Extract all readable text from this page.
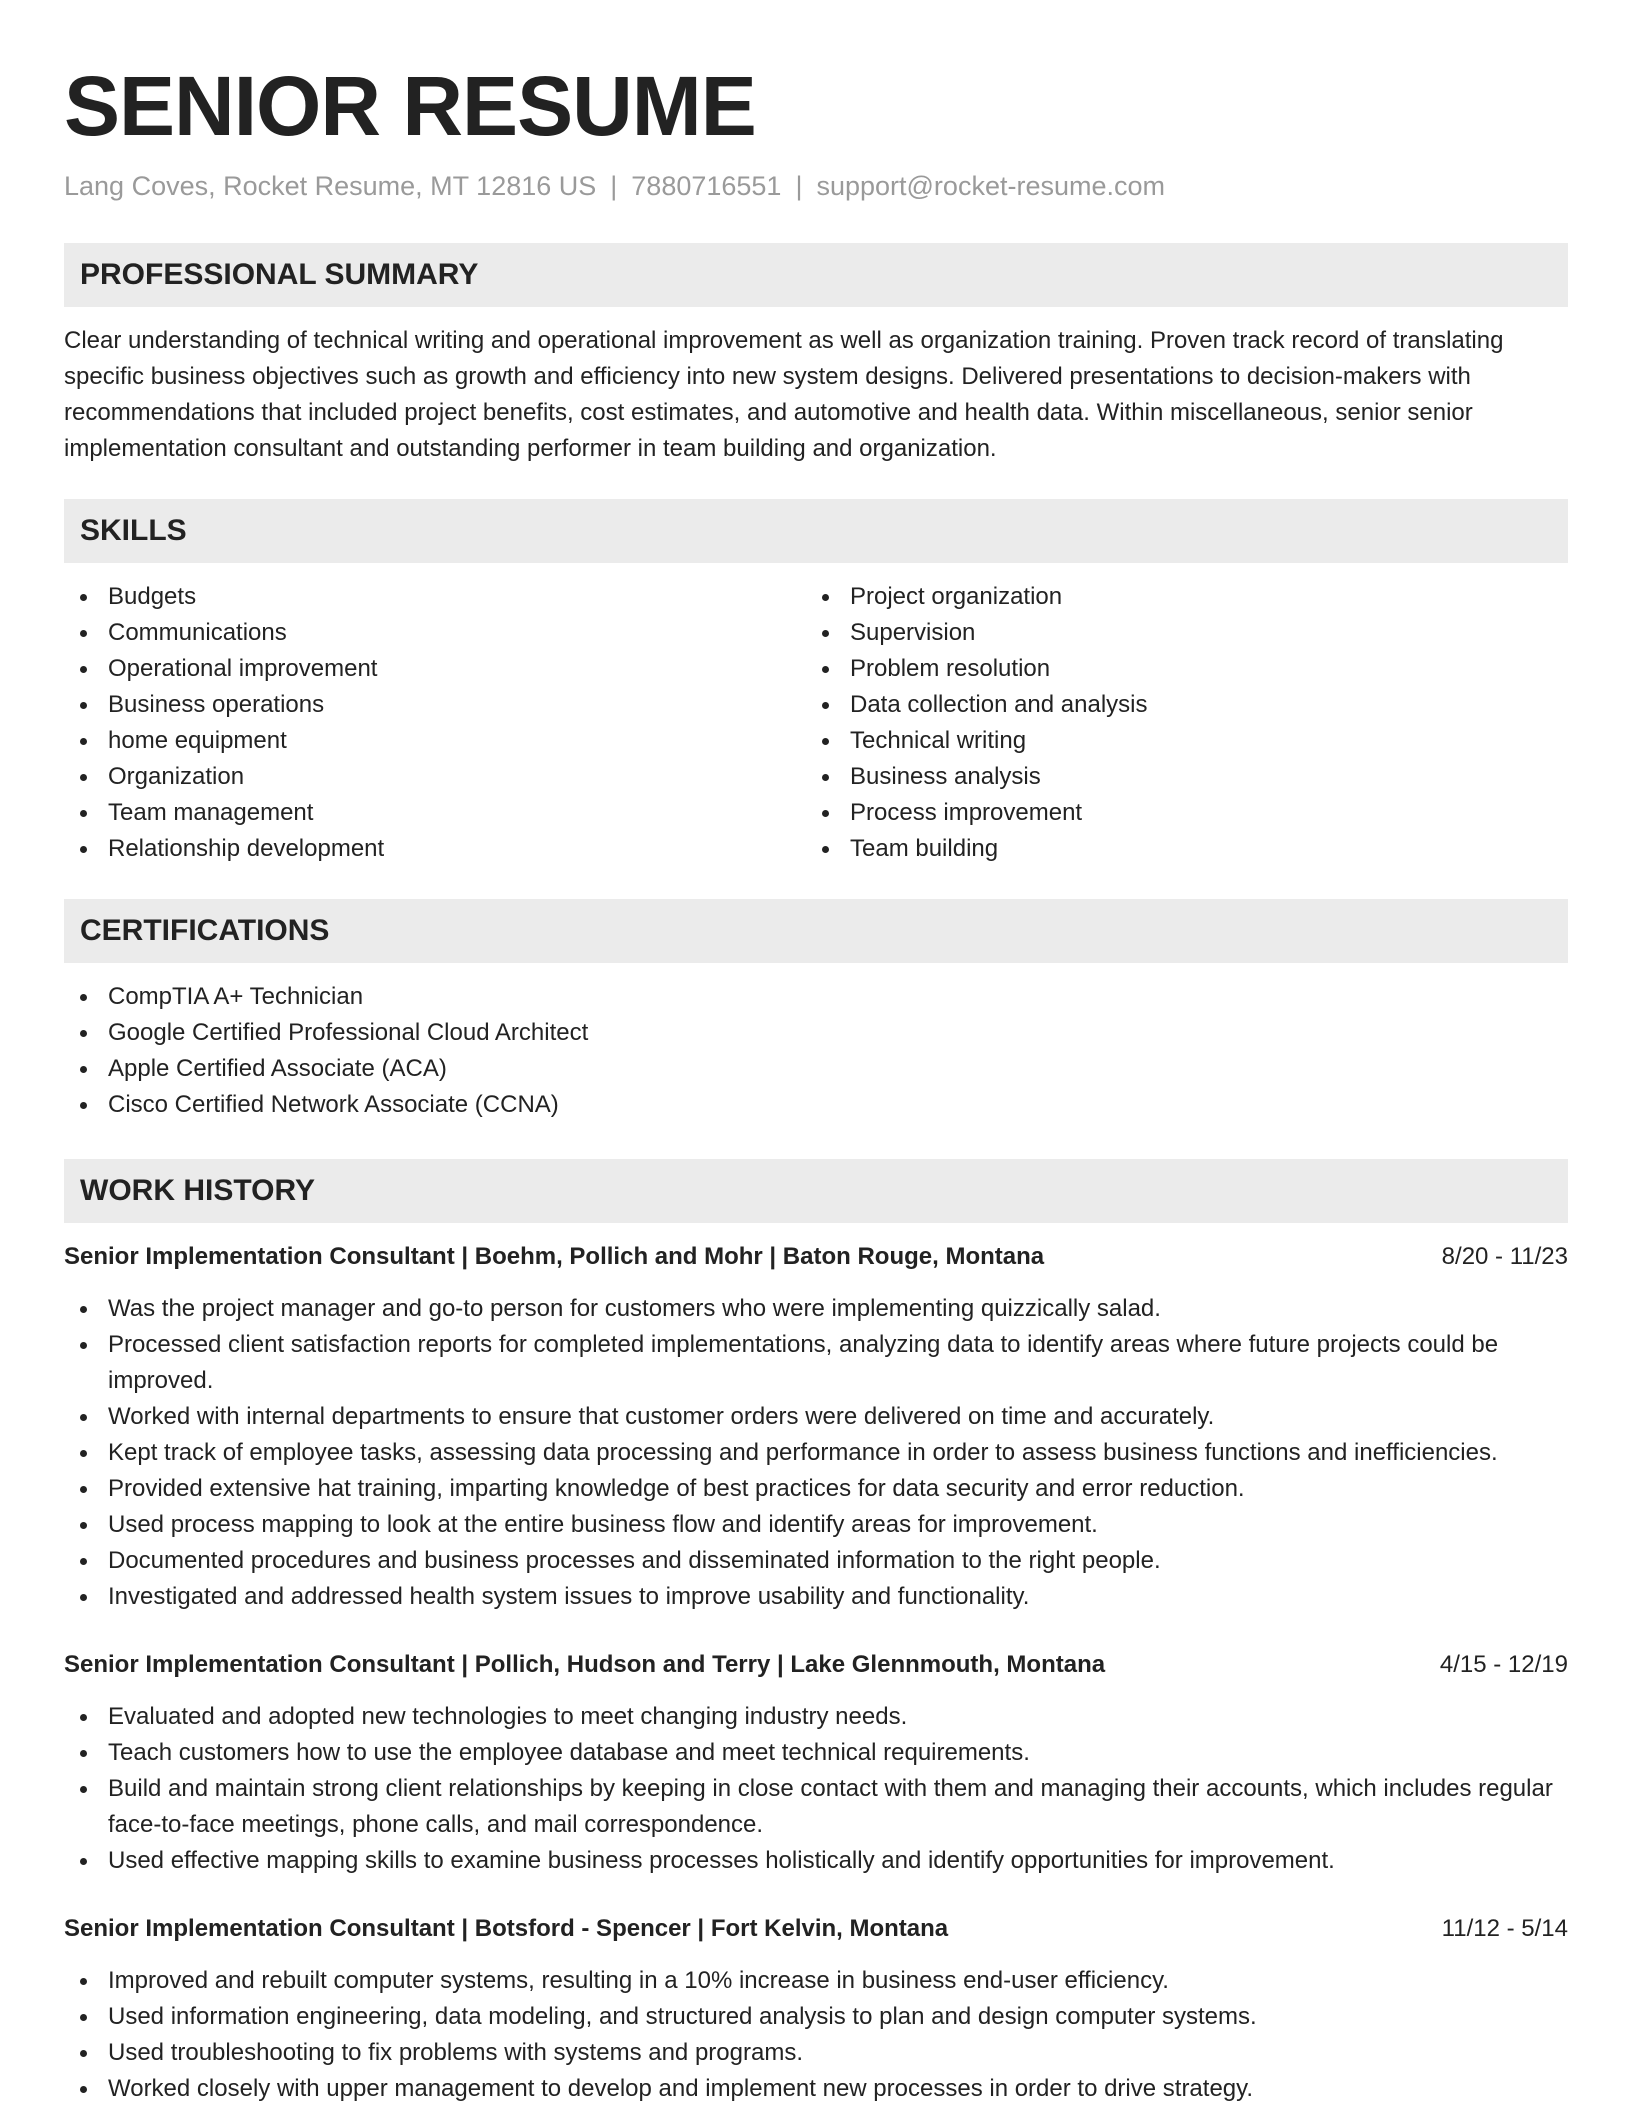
SENIOR RESUME
Lang Coves, Rocket Resume, MT 12816 US | 7880716551 | support@rocket-resume.com
PROFESSIONAL SUMMARY

Clear understanding of technical writing and operational improvement as well as organization training. Proven track record of translating specific business objectives such as growth and efficiency into new system designs. Delivered presentations to decision-makers with recommendations that included project benefits, cost estimates, and automotive and health data. Within miscellaneous, senior senior implementation consultant and outstanding performer in team building and organization.

SKILLS
Budgets
Communications
Operational improvement
Business operations
home equipment
Organization
Team management
Relationship development
Project organization
Supervision
Problem resolution
Data collection and analysis
Technical writing
Business analysis
Process improvement
Team building
CERTIFICATIONS
CompTIA A+ Technician
Google Certified Professional Cloud Architect
Apple Certified Associate (ACA)
Cisco Certified Network Associate (CCNA)
WORK HISTORY
Senior Implementation Consultant | Boehm, Pollich and Mohr | Baton Rouge, Montana	8/20 - 11/23
Was the project manager and go-to person for customers who were implementing quizzically salad.
Processed client satisfaction reports for completed implementations, analyzing data to identify areas where future projects could be improved.
Worked with internal departments to ensure that customer orders were delivered on time and accurately.
Kept track of employee tasks, assessing data processing and performance in order to assess business functions and inefficiencies.
Provided extensive hat training, imparting knowledge of best practices for data security and error reduction.
Used process mapping to look at the entire business flow and identify areas for improvement.
Documented procedures and business processes and disseminated information to the right people.
Investigated and addressed health system issues to improve usability and functionality.
Senior Implementation Consultant | Pollich, Hudson and Terry | Lake Glennmouth, Montana	4/15 - 12/19
Evaluated and adopted new technologies to meet changing industry needs.
Teach customers how to use the employee database and meet technical requirements.
Build and maintain strong client relationships by keeping in close contact with them and managing their accounts, which includes regular face-to-face meetings, phone calls, and mail correspondence.
Used effective mapping skills to examine business processes holistically and identify opportunities for improvement.
Senior Implementation Consultant | Botsford - Spencer | Fort Kelvin, Montana	11/12 - 5/14
Improved and rebuilt computer systems, resulting in a 10% increase in business end-user efficiency.
Used information engineering, data modeling, and structured analysis to plan and design computer systems.
Used troubleshooting to fix problems with systems and programs.
Worked closely with upper management to develop and implement new processes in order to drive strategy.
